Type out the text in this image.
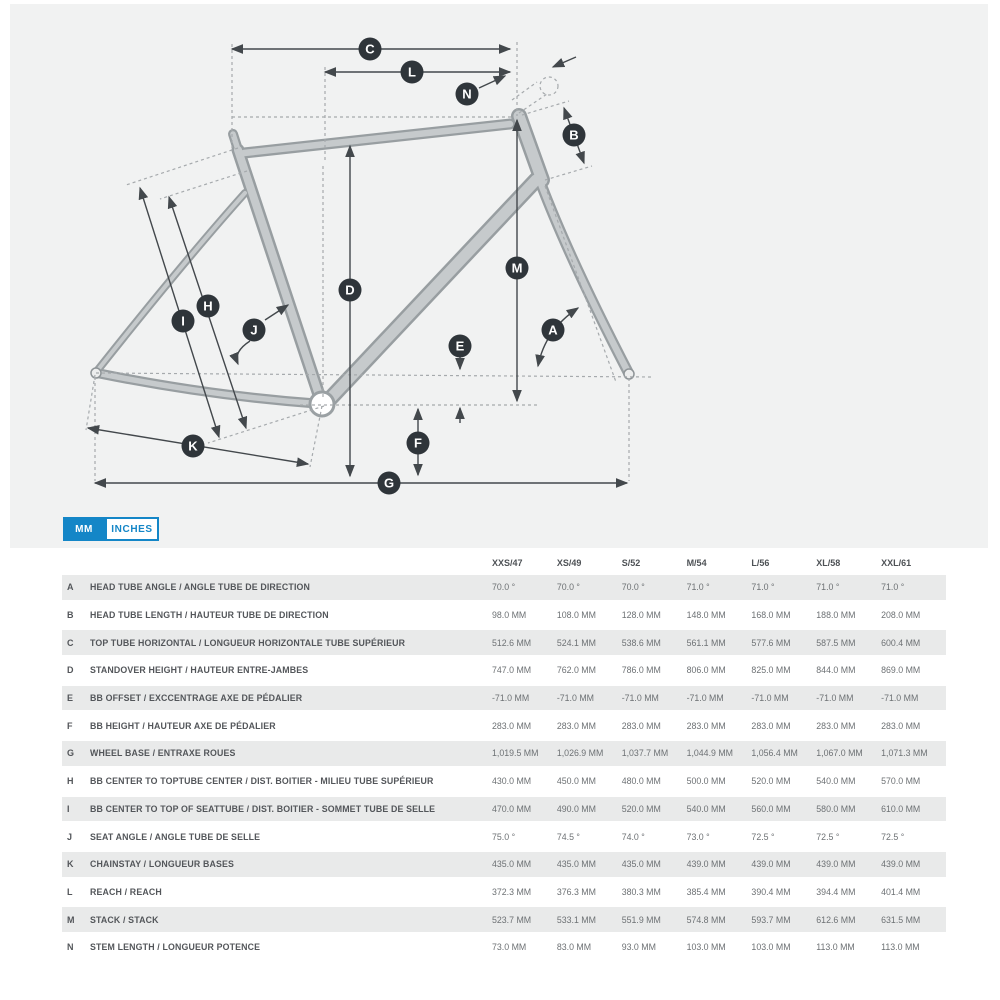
A
B
C
D
E
F
G
H
I
J
K
L
M
N
MM	INCHES
XXS/47	XS/49	S/52	M/54	L/56	XL/58	XXL/61
A	HEAD TUBE ANGLE / ANGLE TUBE DE DIRECTION	70.0 °	70.0 °	70.0 °	71.0 °	71.0 °	71.0 °	71.0 °
B	HEAD TUBE LENGTH / HAUTEUR TUBE DE DIRECTION	98.0 MM	108.0 MM	128.0 MM	148.0 MM	168.0 MM	188.0 MM	208.0 MM
C	TOP TUBE HORIZONTAL / LONGUEUR HORIZONTALE TUBE SUPÉRIEUR	512.6 MM	524.1 MM	538.6 MM	561.1 MM	577.6 MM	587.5 MM	600.4 MM
D	STANDOVER HEIGHT / HAUTEUR ENTRE-JAMBES	747.0 MM	762.0 MM	786.0 MM	806.0 MM	825.0 MM	844.0 MM	869.0 MM
E	BB OFFSET / EXCCENTRAGE AXE DE PÉDALIER	-71.0 MM	-71.0 MM	-71.0 MM	-71.0 MM	-71.0 MM	-71.0 MM	-71.0 MM
F	BB HEIGHT / HAUTEUR AXE DE PÉDALIER	283.0 MM	283.0 MM	283.0 MM	283.0 MM	283.0 MM	283.0 MM	283.0 MM
G	WHEEL BASE / ENTRAXE ROUES	1,019.5 MM	1,026.9 MM	1,037.7 MM	1,044.9 MM	1,056.4 MM	1,067.0 MM	1,071.3 MM
H	BB CENTER TO TOPTUBE CENTER / DIST. BOITIER - MILIEU TUBE SUPÉRIEUR	430.0 MM	450.0 MM	480.0 MM	500.0 MM	520.0 MM	540.0 MM	570.0 MM
I	BB CENTER TO TOP OF SEATTUBE / DIST. BOITIER - SOMMET TUBE DE SELLE	470.0 MM	490.0 MM	520.0 MM	540.0 MM	560.0 MM	580.0 MM	610.0 MM
J	SEAT ANGLE / ANGLE TUBE DE SELLE	75.0 °	74.5 °	74.0 °	73.0 °	72.5 °	72.5 °	72.5 °
K	CHAINSTAY / LONGUEUR BASES	435.0 MM	435.0 MM	435.0 MM	439.0 MM	439.0 MM	439.0 MM	439.0 MM
L	REACH / REACH	372.3 MM	376.3 MM	380.3 MM	385.4 MM	390.4 MM	394.4 MM	401.4 MM
M	STACK / STACK	523.7 MM	533.1 MM	551.9 MM	574.8 MM	593.7 MM	612.6 MM	631.5 MM
N	STEM LENGTH / LONGUEUR POTENCE	73.0 MM	83.0 MM	93.0 MM	103.0 MM	103.0 MM	113.0 MM	113.0 MM
